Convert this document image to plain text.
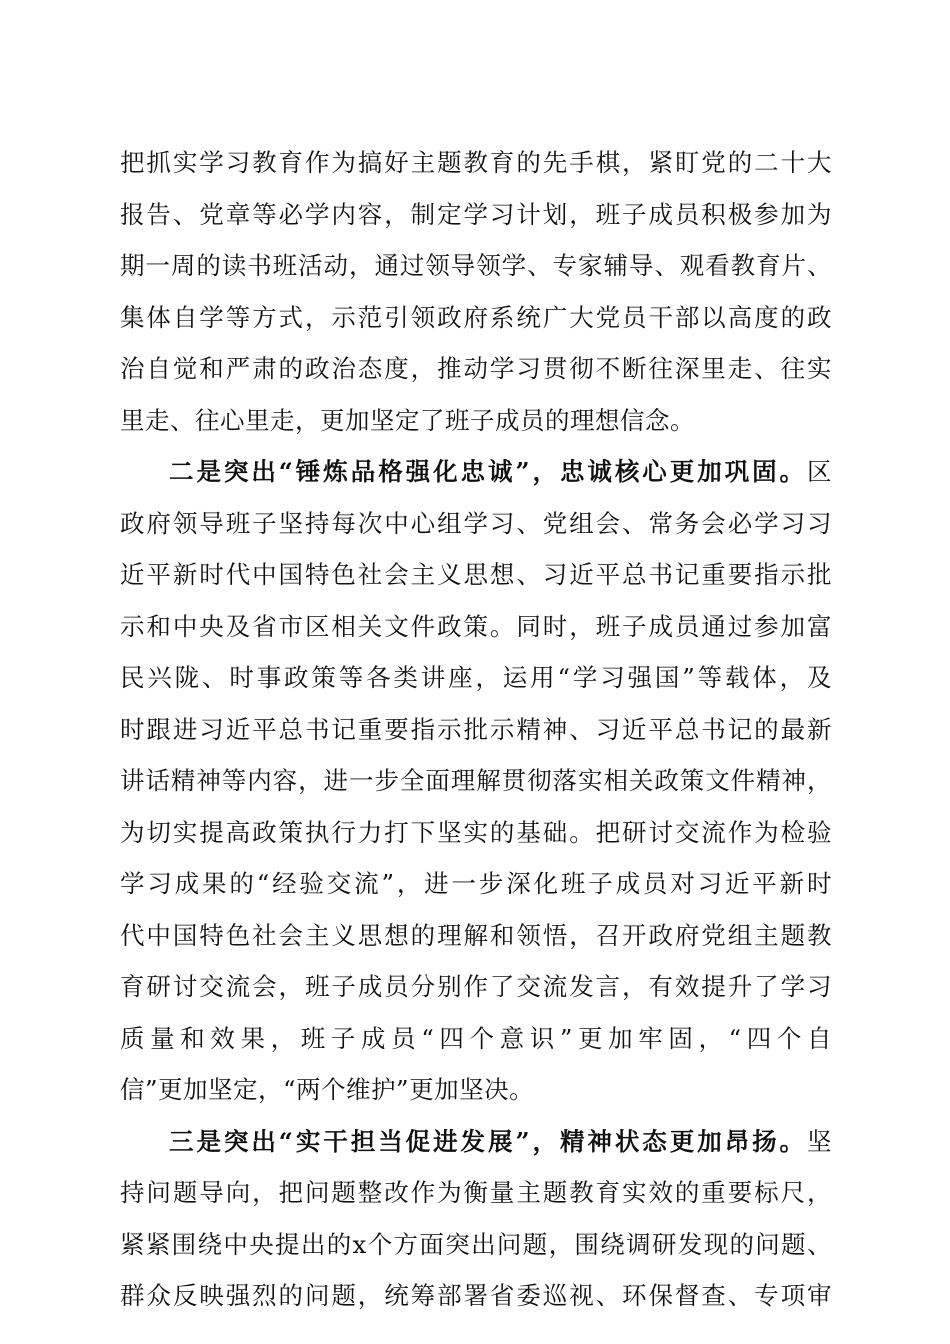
把抓实学习教育作为搞好主题教育的先手棋，紧盯党的二十大
报告、党章等必学内容，制定学习计划，班子成员积极参加为
期一周的读书班活动，通过领导领学、专家辅导、观看教育片、
集体自学等方式，示范引领政府系统广大党员干部以高度的政
治自觉和严肃的政治态度，推动学习贯彻不断往深里走、往实
里走、往心里走，更加坚定了班子成员的理想信念。
二是突出“锤炼品格强化忠诚”，忠诚核心更加巩固。区
政府领导班子坚持每次中心组学习、党组会、常务会必学习习
近平新时代中国特色社会主义思想、习近平总书记重要指示批
示和中央及省市区相关文件政策。同时，班子成员通过参加富
民兴陇、时事政策等各类讲座，运用“学习强国”等载体，及
时跟进习近平总书记重要指示批示精神、习近平总书记的最新
讲话精神等内容，进一步全面理解贯彻落实相关政策文件精神，
为切实提高政策执行力打下坚实的基础。把研讨交流作为检验
学习成果的“经验交流”，进一步深化班子成员对习近平新时
代中国特色社会主义思想的理解和领悟，召开政府党组主题教
育研讨交流会，班子成员分别作了交流发言，有效提升了学习
质量和效果，班子成员“四个意识”更加牢固，“四个自
信”更加坚定，“两个维护”更加坚决。
三是突出“实干担当促进发展”，精神状态更加昂扬。坚
持问题导向，把问题整改作为衡量主题教育实效的重要标尺，
紧紧围绕中央提出的x个方面突出问题，围绕调研发现的问题、
群众反映强烈的问题，统筹部署省委巡视、环保督查、专项审
